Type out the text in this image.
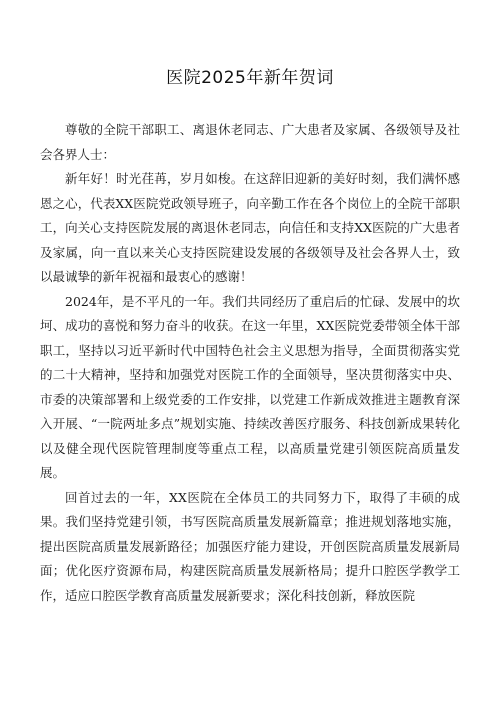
医院2025年新年贺词

尊敬的全院干部职工、离退休老同志、广大患者及家属、各级领导及社会各界人士：

新年好！时光荏苒，岁月如梭。在这辞旧迎新的美好时刻，我们满怀感恩之心，代表XX医院党政领导班子，向辛勤工作在各个岗位上的全院干部职工，向关心支持医院发展的离退休老同志，向信任和支持XX医院的广大患者及家属，向一直以来关心支持医院建设发展的各级领导及社会各界人士，致以最诚挚的新年祝福和最衷心的感谢！

2024年，是不平凡的一年。我们共同经历了重启后的忙碌、发展中的坎坷、成功的喜悦和努力奋斗的收获。在这一年里，XX医院党委带领全体干部职工，坚持以习近平新时代中国特色社会主义思想为指导，全面贯彻落实党的二十大精神，坚持和加强党对医院工作的全面领导，坚决贯彻落实中央、市委的决策部署和上级党委的工作安排，以党建工作新成效推进主题教育深入开展、“一院两址多点”规划实施、持续改善医疗服务、科技创新成果转化以及健全现代医院管理制度等重点工程，以高质量党建引领医院高质量发展。

回首过去的一年，XX医院在全体员工的共同努力下，取得了丰硕的成果。我们坚持党建引领，书写医院高质量发展新篇章；推进规划落地实施，提出医院高质量发展新路径；加强医疗能力建设，开创医院高质量发展新局面；优化医疗资源布局，构建医院高质量发展新格局；提升口腔医学教学工作，适应口腔医学教育高质量发展新要求；深化科技创新，释放医院
